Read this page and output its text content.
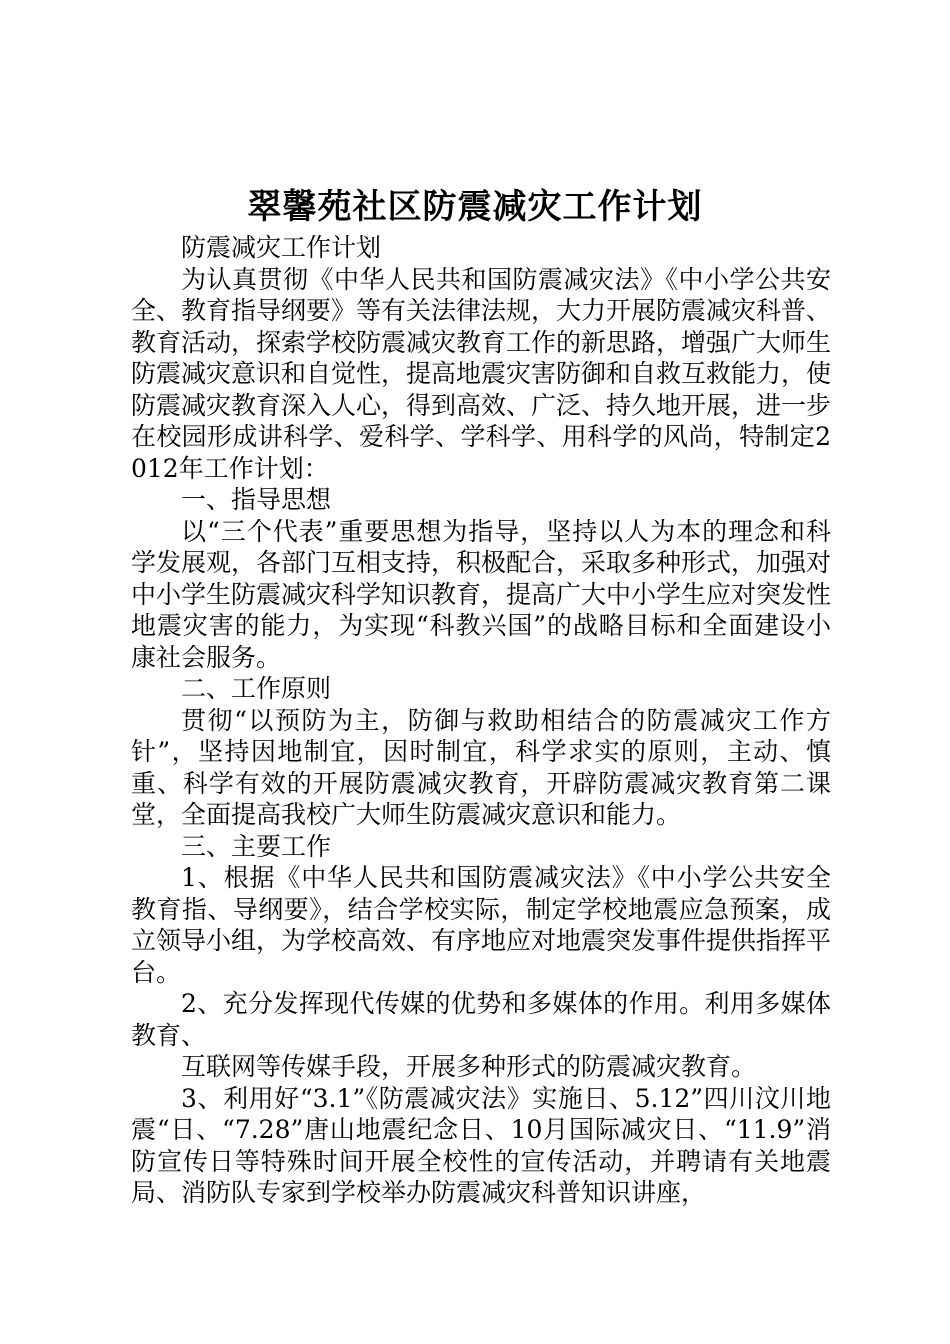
翠馨苑社区防震减灾工作计划

防震减灾工作计划

为认真贯彻《中华人民共和国防震减灾法》《中小学公共安全、教育指导纲要》等有关法律法规，大力开展防震减灾科普、教育活动，探索学校防震减灾教育工作的新思路，增强广大师生防震减灾意识和自觉性，提高地震灾害防御和自救互救能力，使防震减灾教育深入人心，得到高效、广泛、持久地开展，进一步在校园形成讲科学、爱科学、学科学、用科学的风尚，特制定2012年工作计划：

一、指导思想

以“三个代表”重要思想为指导，坚持以人为本的理念和科学发展观，各部门互相支持，积极配合，采取多种形式，加强对中小学生防震减灾科学知识教育，提高广大中小学生应对突发性地震灾害的能力，为实现“科教兴国”的战略目标和全面建设小康社会服务。

二、工作原则

贯彻“以预防为主，防御与救助相结合的防震减灾工作方针”，坚持因地制宜，因时制宜，科学求实的原则，主动、慎重、科学有效的开展防震减灾教育，开辟防震减灾教育第二课堂，全面提高我校广大师生防震减灾意识和能力。

三、主要工作

1、根据《中华人民共和国防震减灾法》《中小学公共安全教育指、导纲要》，结合学校实际，制定学校地震应急预案，成立领导小组，为学校高效、有序地应对地震突发事件提供指挥平台。

2、充分发挥现代传媒的优势和多媒体的作用。利用多媒体教育、

互联网等传媒手段，开展多种形式的防震减灾教育。

3、利用好“3.1”《防震减灾法》实施日、5.12”四川汶川地震“日、“7.28”唐山地震纪念日、10月国际减灾日、“11.9”消防宣传日等特殊时间开展全校性的宣传活动，并聘请有关地震局、消防队专家到学校举办防震减灾科普知识讲座，
